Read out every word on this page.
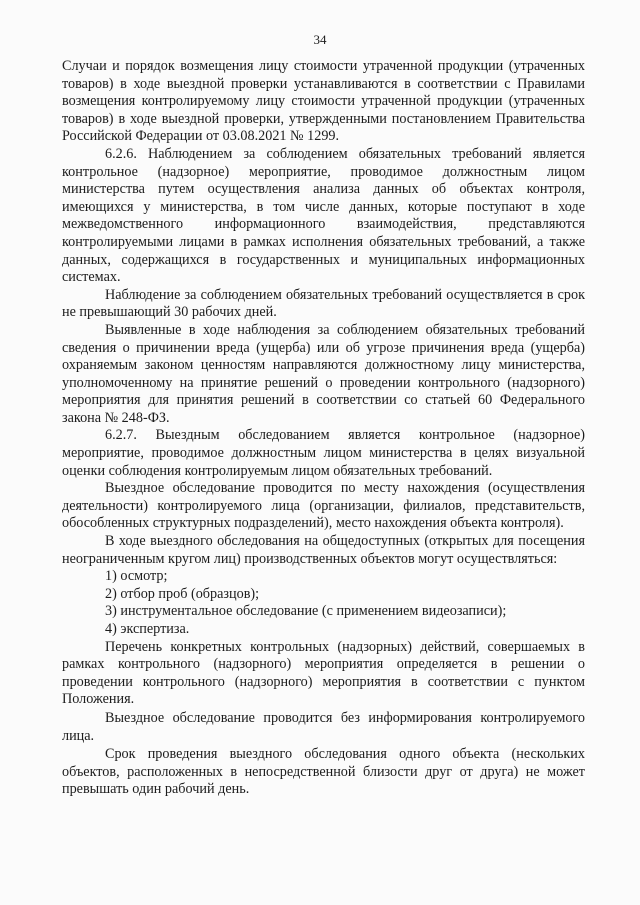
34

Случаи и порядок возмещения лицу стоимости утраченной продукции (утраченных товаров) в ходе выездной проверки устанавливаются в соответствии с Правилами возмещения контролируемому лицу стоимости утраченной продукции (утраченных товаров) в ходе выездной проверки, утвержденными постановлением Правительства Российской Федерации от 03.08.2021 № 1299.

6.2.6. Наблюдением за соблюдением обязательных требований является контрольное (надзорное) мероприятие, проводимое должностным лицом министерства путем осуществления анализа данных об объектах контроля, имеющихся у министерства, в том числе данных, которые поступают в ходе межведомственного информационного взаимодействия, представляются контролируемыми лицами в рамках исполнения обязательных требований, а также данных, содержащихся в государственных и муниципальных информационных системах.

Наблюдение за соблюдением обязательных требований осуществляется в срок не превышающий 30 рабочих дней.

Выявленные в ходе наблюдения за соблюдением обязательных требований сведения о причинении вреда (ущерба) или об угрозе причинения вреда (ущерба) охраняемым законом ценностям направляются должностному лицу министерства, уполномоченному на принятие решений о проведении контрольного (надзорного) мероприятия для принятия решений в соответствии со статьей 60 Федерального закона № 248-ФЗ.

6.2.7. Выездным обследованием является контрольное (надзорное) мероприятие, проводимое должностным лицом министерства в целях визуальной оценки соблюдения контролируемым лицом обязательных требований.

Выездное обследование проводится по месту нахождения (осуществления деятельности) контролируемого лица (организации, филиалов, представительств, обособленных структурных подразделений), место нахождения объекта контроля).

В ходе выездного обследования на общедоступных (открытых для посещения неограниченным кругом лиц) производственных объектов могут осуществляться:

1) осмотр;

2) отбор проб (образцов);

3) инструментальное обследование (с применением видеозаписи);

4) экспертиза.

Перечень конкретных контрольных (надзорных) действий, совершаемых в рамках контрольного (надзорного) мероприятия определяется в решении о проведении контрольного (надзорного) мероприятия в соответствии с пунктом Положения.

Выездное обследование проводится без информирования контролируемого лица.

Срок проведения выездного обследования одного объекта (нескольких объектов, расположенных в непосредственной близости друг от друга) не может превышать один рабочий день.
